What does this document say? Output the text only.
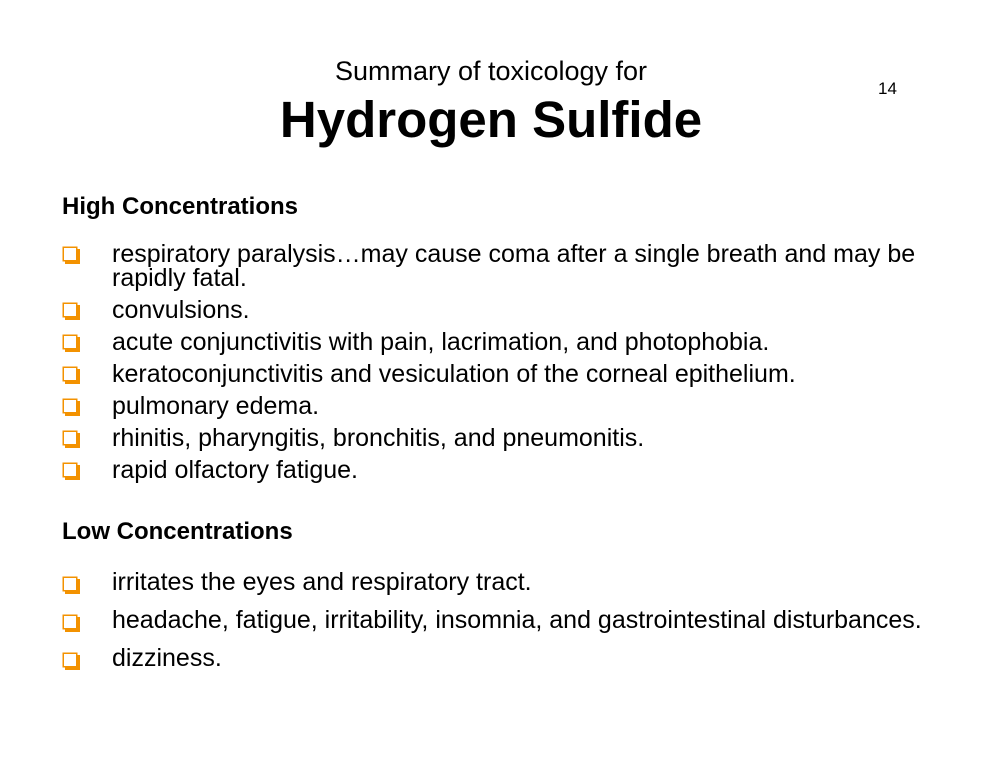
Summary of toxicology for
Hydrogen Sulfide
14
High Concentrations
respiratory paralysis…may cause coma after a single breath and may be rapidly fatal.
convulsions.
acute conjunctivitis with pain, lacrimation, and photophobia.
keratoconjunctivitis and vesiculation of the corneal epithelium.
pulmonary edema.
rhinitis, pharyngitis, bronchitis, and pneumonitis.
rapid olfactory fatigue.
Low Concentrations
irritates the eyes and respiratory tract.
headache, fatigue, irritability, insomnia, and gastrointestinal disturbances.
dizziness.
